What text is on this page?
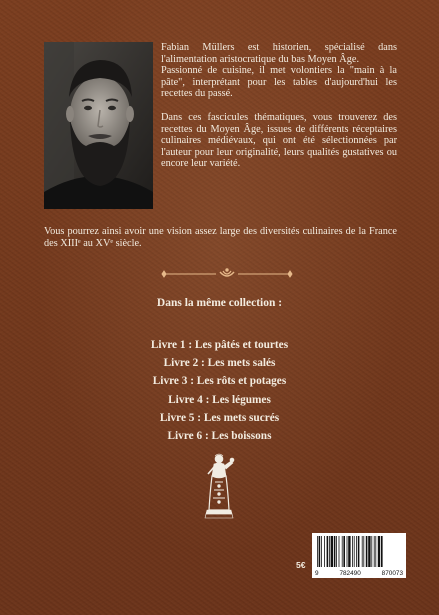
Fabian Müllers est historien, spécialisé dans l'alimentation aristocratique du bas Moyen Âge.

Passionné de cuisine, il met volontiers la "main à la pâte", interprétant pour les tables d'aujourd'hui les recettes du passé.

Dans ces fascicules thématiques, vous trouverez des recettes du Moyen Âge, issues de différents réceptaires culinaires médiévaux, qui ont été sélectionnées par l'auteur pour leur originalité, leurs qualités gustatives ou encore leur variété.

Vous pourrez ainsi avoir une vision assez large des diversités culinaires de la France des XIIIᵉ au XVᵉ siècle.

Dans la même collection :
Livre 1 : Les pâtés et tourtes
Livre 2 : Les mets salés
Livre 3 : Les rôts et potages
Livre 4 : Les légumes
Livre 5 : Les mets sucrés
Livre 6 : Les boissons
5€
9	782490	870073
